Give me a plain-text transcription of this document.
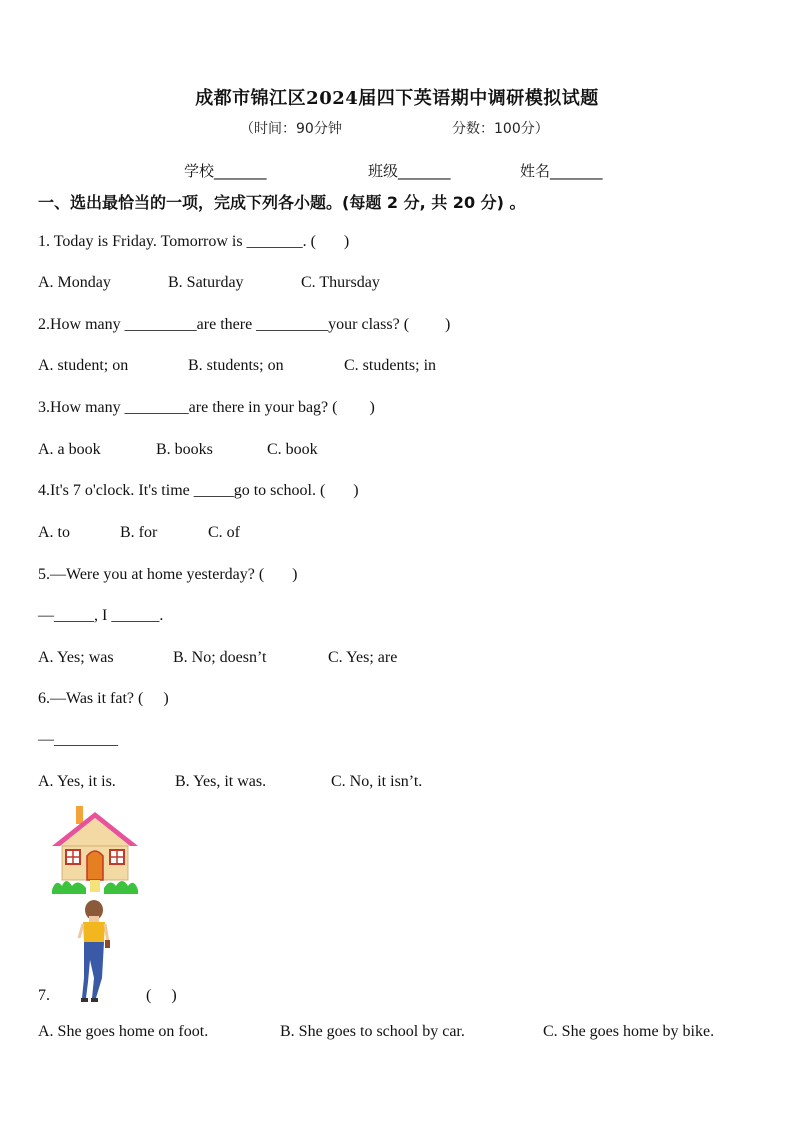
成都市锦江区2024届四下英语期中调研模拟试题
（时间：90分钟	分数：100分）
学校_______	班级_______	姓名_______
一、选出最恰当的一项，完成下列各小题。(每题 2 分, 共 20 分) 。
1. Today is Friday. Tomorrow is _______. (       )
A. Monday	B. Saturday	C. Thursday
2.How many _________are there _________your class? (         )
A. student; on	B. students; on	C. students; in
3.How many ________are there in your bag? (        )
A. a book	B. books	C. book
4.It's 7 o'clock. It's time _____go to school. (       )
A. to	B. for	C. of
5.—Were you at home yesterday? (       )
—_____, I ______.
A. Yes; was	B. No; doesn’t	C. Yes; are
6.—Was it fat? (     )
—________
A. Yes, it is.	B. Yes, it was.	C. No, it isn’t.
7.	(     )
A. She goes home on foot.	B. She goes to school by car.	C. She goes home by bike.
